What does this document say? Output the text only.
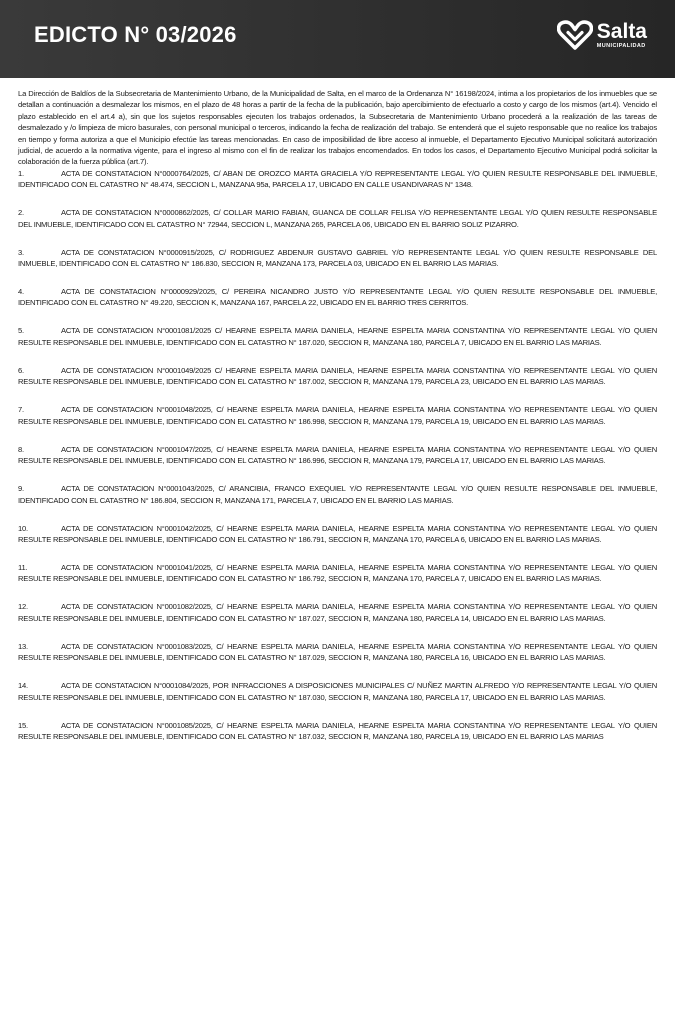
EDICTO N° 03/2026	Salta
MUNICIPALIDAD

La Dirección de Baldíos de la Subsecretaria de Mantenimiento Urbano, de la Municipalidad de Salta, en el marco de la Ordenanza N° 16198/2024, intima a los propietarios de los inmuebles que se detallan a continuación a desmalezar los mismos, en el plazo de 48 horas a partir de la fecha de la publicación, bajo apercibimiento de efectuarlo a costo y cargo de los mismos (art.4). Vencido el plazo establecido en el art.4 a), sin que los sujetos responsables ejecuten los trabajos ordenados, la Subsecretaria de Mantenimiento Urbano procederá a la realización de las tareas de desmalezado y /o limpieza de micro basurales, con personal municipal o terceros, indicando la fecha de realización del trabajo. Se entenderá que el sujeto responsable que no realice los trabajos en tiempo y forma autoriza a que el Municipio efectúe las tareas mencionadas. En caso de imposibilidad de libre acceso al inmueble, el Departamento Ejecutivo Municipal solicitará autorización judicial, de acuerdo a la normativa vigente, para el ingreso al mismo con el fin de realizar los trabajos encomendados. En todos los casos, el Departamento Ejecutivo Municipal podrá solicitar la colaboración de la fuerza pública (art.7).

1.	ACTA DE CONSTATACION N°0000764/2025, C/ ABAN DE OROZCO MARTA GRACIELA Y/O REPRESENTANTE LEGAL Y/O QUIEN RESULTE RESPONSABLE DEL INMUEBLE, IDENTIFICADO CON EL CATASTRO N° 48.474, SECCION L, MANZANA 95a, PARCELA 17, UBICADO EN CALLE USANDIVARAS N° 1348.

2.	ACTA DE CONSTATACION N°0000862/2025, C/ COLLAR MARIO FABIAN, GUANCA DE COLLAR FELISA Y/O REPRESENTANTE LEGAL Y/O QUIEN RESULTE RESPONSABLE DEL INMUEBLE, IDENTIFICADO CON EL CATASTRO N° 72944, SECCION L, MANZANA 265, PARCELA 06, UBICADO EN EL BARRIO SOLIZ PIZARRO.

3.	ACTA DE CONSTATACION N°0000915/2025, C/ RODRIGUEZ ABDENUR GUSTAVO GABRIEL Y/O REPRESENTANTE LEGAL Y/O QUIEN RESULTE RESPONSABLE DEL INMUEBLE, IDENTIFICADO CON EL CATASTRO N° 186.830, SECCION R, MANZANA 173, PARCELA 03, UBICADO EN EL BARRIO LAS MARIAS.

4.	ACTA DE CONSTATACION N°0000929/2025, C/ PEREIRA NICANDRO JUSTO Y/O REPRESENTANTE LEGAL Y/O QUIEN RESULTE RESPONSABLE DEL INMUEBLE, IDENTIFICADO CON EL CATASTRO N° 49.220, SECCION K, MANZANA 167, PARCELA 22, UBICADO EN EL BARRIO TRES CERRITOS.

5.	ACTA DE CONSTATACION N°0001081/2025 C/ HEARNE ESPELTA MARIA DANIELA, HEARNE ESPELTA MARIA CONSTANTINA Y/O REPRESENTANTE LEGAL Y/O QUIEN RESULTE RESPONSABLE DEL INMUEBLE, IDENTIFICADO CON EL CATASTRO N° 187.020, SECCION R, MANZANA 180, PARCELA 7, UBICADO EN EL BARRIO LAS MARIAS.

6.	ACTA DE CONSTATACION N°0001049/2025 C/ HEARNE ESPELTA MARIA DANIELA, HEARNE ESPELTA MARIA CONSTANTINA Y/O REPRESENTANTE LEGAL Y/O QUIEN RESULTE RESPONSABLE DEL INMUEBLE, IDENTIFICADO CON EL CATASTRO N° 187.002, SECCION R, MANZANA 179, PARCELA 23, UBICADO EN EL BARRIO LAS MARIAS.

7.	ACTA DE CONSTATACION N°0001048/2025, C/ HEARNE ESPELTA MARIA DANIELA, HEARNE ESPELTA MARIA CONSTANTINA Y/O REPRESENTANTE LEGAL Y/O QUIEN RESULTE RESPONSABLE DEL INMUEBLE, IDENTIFICADO CON EL CATASTRO N° 186.998, SECCION R, MANZANA 179, PARCELA 19, UBICADO EN EL BARRIO LAS MARIAS.

8.	ACTA DE CONSTATACION N°0001047/2025, C/ HEARNE ESPELTA MARIA DANIELA, HEARNE ESPELTA MARIA CONSTANTINA Y/O REPRESENTANTE LEGAL Y/O QUIEN RESULTE RESPONSABLE DEL INMUEBLE, IDENTIFICADO CON EL CATASTRO N° 186.996, SECCION R, MANZANA 179, PARCELA 17, UBICADO EN EL BARRIO LAS MARIAS.

9.	ACTA DE CONSTATACION N°0001043/2025, C/ ARANCIBIA, FRANCO EXEQUIEL Y/O REPRESENTANTE LEGAL Y/O QUIEN RESULTE RESPONSABLE DEL INMUEBLE, IDENTIFICADO CON EL CATASTRO N° 186.804, SECCION R, MANZANA 171, PARCELA 7, UBICADO EN EL BARRIO LAS MARIAS.

10.	ACTA DE CONSTATACION N°0001042/2025, C/ HEARNE ESPELTA MARIA DANIELA, HEARNE ESPELTA MARIA CONSTANTINA Y/O REPRESENTANTE LEGAL Y/O QUIEN RESULTE RESPONSABLE DEL INMUEBLE, IDENTIFICADO CON EL CATASTRO N° 186.791, SECCION R, MANZANA 170, PARCELA 6, UBICADO EN EL BARRIO LAS MARIAS.

11.	ACTA DE CONSTATACION N°0001041/2025, C/ HEARNE ESPELTA MARIA DANIELA, HEARNE ESPELTA MARIA CONSTANTINA Y/O REPRESENTANTE LEGAL Y/O QUIEN RESULTE RESPONSABLE DEL INMUEBLE, IDENTIFICADO CON EL CATASTRO N° 186.792, SECCION R, MANZANA 170, PARCELA 7, UBICADO EN EL BARRIO LAS MARIAS.

12.	ACTA DE CONSTATACION N°0001082/2025, C/ HEARNE ESPELTA MARIA DANIELA, HEARNE ESPELTA MARIA CONSTANTINA Y/O REPRESENTANTE LEGAL Y/O QUIEN RESULTE RESPONSABLE DEL INMUEBLE, IDENTIFICADO CON EL CATASTRO N° 187.027, SECCION R, MANZANA 180, PARCELA 14, UBICADO EN EL BARRIO LAS MARIAS.

13.	ACTA DE CONSTATACION N°0001083/2025, C/ HEARNE ESPELTA MARIA DANIELA, HEARNE ESPELTA MARIA CONSTANTINA Y/O REPRESENTANTE LEGAL Y/O QUIEN RESULTE RESPONSABLE DEL INMUEBLE, IDENTIFICADO CON EL CATASTRO N° 187.029, SECCION R, MANZANA 180, PARCELA 16, UBICADO EN EL BARRIO LAS MARIAS.

14.	ACTA DE CONSTATACION N°0001084/2025, POR INFRACCIONES A DISPOSICIONES MUNICIPALES C/ NUÑEZ MARTIN ALFREDO Y/O REPRESENTANTE LEGAL Y/O QUIEN RESULTE RESPONSABLE DEL INMUEBLE, IDENTIFICADO CON EL CATASTRO N° 187.030, SECCION R, MANZANA 180, PARCELA 17, UBICADO EN EL BARRIO LAS MARIAS.

15.	ACTA DE CONSTATACION N°0001085/2025, C/ HEARNE ESPELTA MARIA DANIELA, HEARNE ESPELTA MARIA CONSTANTINA Y/O REPRESENTANTE LEGAL Y/O QUIEN RESULTE RESPONSABLE DEL INMUEBLE, IDENTIFICADO CON EL CATASTRO N° 187.032, SECCION R, MANZANA 180, PARCELA 19, UBICADO EN EL BARRIO LAS MARIAS
